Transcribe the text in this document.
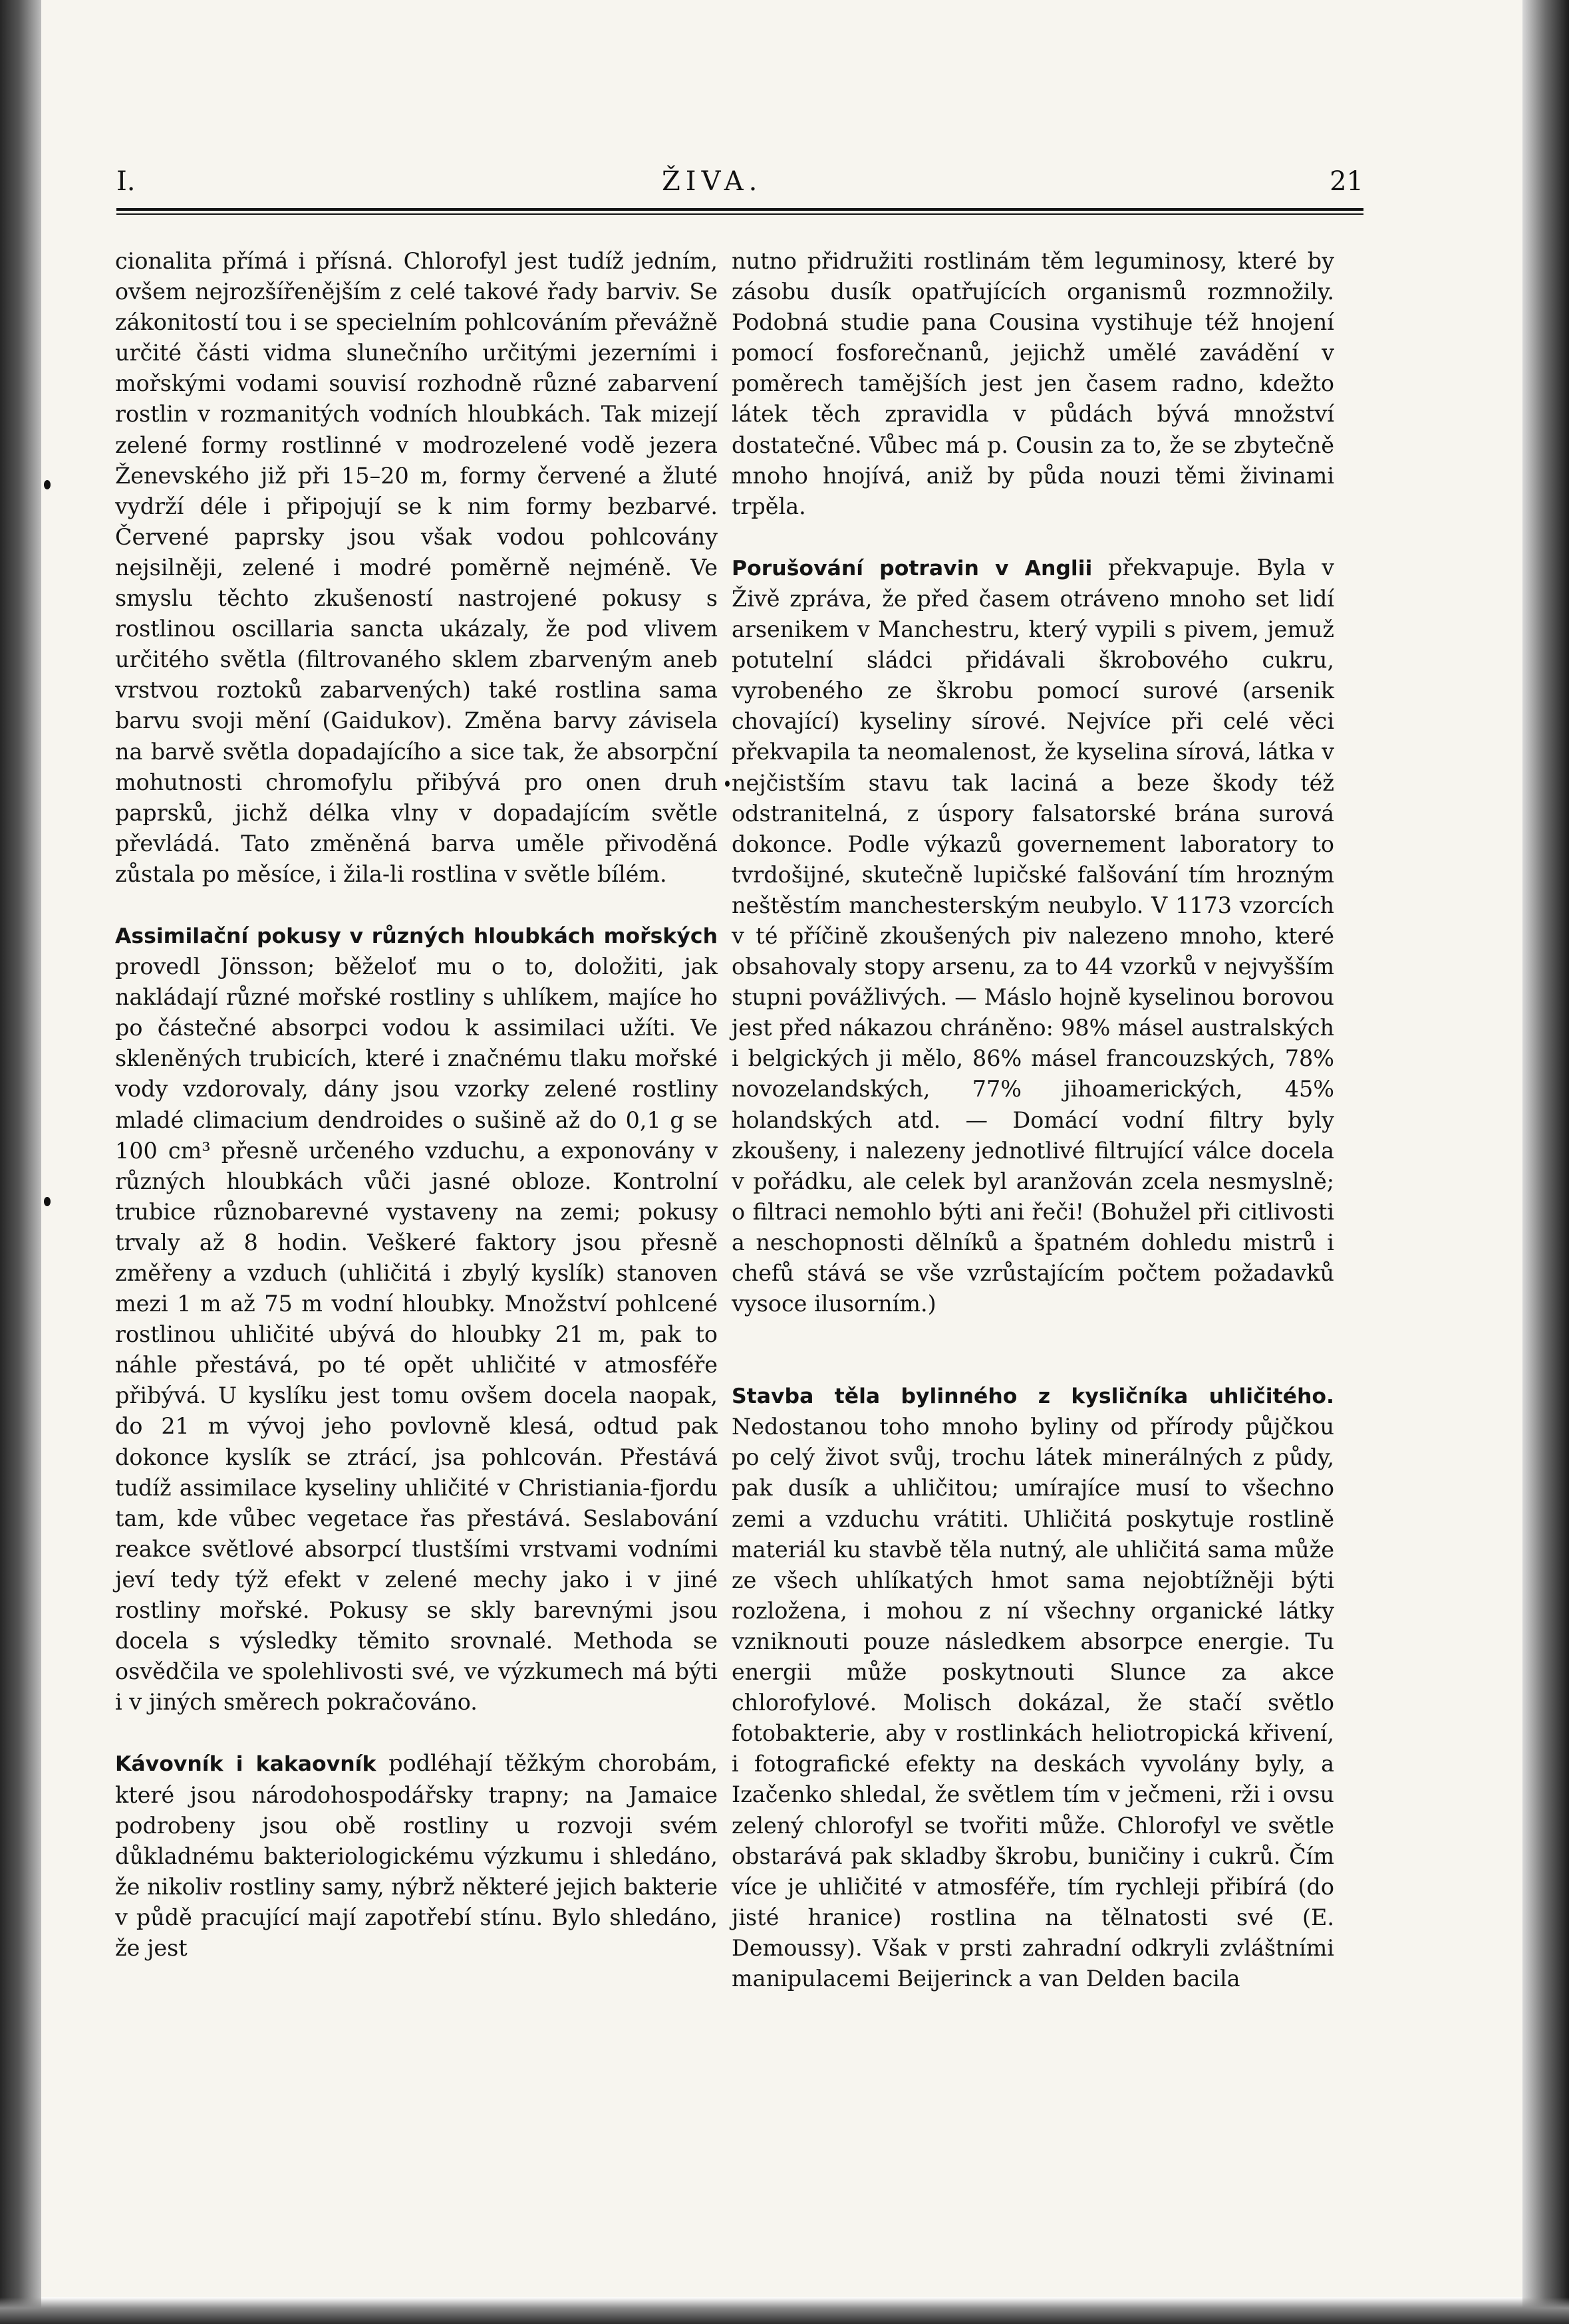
I.	ŽIVA.	21

cionalita přímá i přísná. Chlorofyl jest tudíž jedním, ovšem nejrozšířenějším z celé takové řady barviv. Se zákonitostí tou i se specielním pohlcováním převážně určité části vidma slunečního určitými jezerními i mořskými vodami souvisí rozhodně různé zabarvení rostlin v rozmanitých vodních hloubkách. Tak mizejí zelené formy rostlinné v modrozelené vodě jezera Ženevského již při 15–20 m, formy červené a žluté vydrží déle i připojují se k nim formy bezbarvé. Červené paprsky jsou však vodou pohlcovány nejsilněji, zelené i modré poměrně nejméně. Ve smyslu těchto zkušeností nastrojené pokusy s rostlinou oscillaria sancta ukázaly, že pod vlivem určitého světla (filtrovaného sklem zbarveným aneb vrstvou roztoků zabarvených) také rostlina sama barvu svoji mění (Gaidukov). Změna barvy závisela na barvě světla dopadajícího a sice tak, že absorpční mohutnosti chromofylu přibývá pro onen druh paprsků, jichž délka vlny v dopadajícím světle převládá. Tato změněná barva uměle přivoděná zůstala po měsíce, i žila-li rostlina v světle bílém.

Assimilační pokusy v různých hloubkách mořských provedl Jönsson; běželoť mu o to, doložiti, jak nakládají různé mořské rostliny s uhlíkem, majíce ho po částečné absorpci vodou k assimilaci užíti. Ve skleněných trubicích, které i značnému tlaku mořské vody vzdorovaly, dány jsou vzorky zelené rostliny mladé climacium dendroides o sušině až do 0,1 g se 100 cm³ přesně určeného vzduchu, a exponovány v různých hloubkách vůči jasné obloze. Kontrolní trubice různobarevné vystaveny na zemi; pokusy trvaly až 8 hodin. Veškeré faktory jsou přesně změřeny a vzduch (uhličitá i zbylý kyslík) stanoven mezi 1 m až 75 m vodní hloubky. Množství pohlcené rostlinou uhličité ubývá do hloubky 21 m, pak to náhle přestává, po té opět uhličité v atmosféře přibývá. U kyslíku jest tomu ovšem docela naopak, do 21 m vývoj jeho povlovně klesá, odtud pak dokonce kyslík se ztrácí, jsa pohlcován. Přestává tudíž assimilace kyseliny uhličité v Christiania-fjordu tam, kde vůbec vegetace řas přestává. Seslabování reakce světlové absorpcí tlustšími vrstvami vodními jeví tedy týž efekt v zelené mechy jako i v jiné rostliny mořské. Pokusy se skly barevnými jsou docela s výsledky těmito srovnalé. Methoda se osvědčila ve spolehlivosti své, ve výzkumech má býti i v jiných směrech pokračováno.

Kávovník i kakaovník podléhají těžkým chorobám, které jsou národohospodářsky trapny; na Jamaice podrobeny jsou obě rostliny u rozvoji svém důkladnému bakteriologickému výzkumu i shledáno, že nikoliv rostliny samy, nýbrž některé jejich bakterie v půdě pracující mají zapotřebí stínu. Bylo shledáno, že jest

nutno přidružiti rostlinám těm leguminosy, které by zásobu dusík opatřujících organismů rozmnožily. Podobná studie pana Cousina vystihuje též hnojení pomocí fosforečnanů, jejichž umělé zavádění v poměrech tamějších jest jen časem radno, kdežto látek těch zpravidla v půdách bývá množství dostatečné. Vůbec má p. Cousin za to, že se zbytečně mnoho hnojívá, aniž by půda nouzi těmi živinami trpěla.

Porušování potravin v Anglii překvapuje. Byla v Živě zpráva, že před časem otráveno mnoho set lidí arsenikem v Manchestru, který vypili s pivem, jemuž potutelní sládci přidávali škrobového cukru, vyrobeného ze škrobu pomocí surové (arsenik chovající) kyseliny sírové. Nejvíce při celé věci překvapila ta neomalenost, že kyselina sírová, látka v nejčistším stavu tak laciná a beze škody též odstranitelná, z úspory falsatorské brána surová dokonce. Podle výkazů governement laboratory to tvrdošijné, skutečně lupičské falšování tím hrozným neštěstím manchesterským neubylo. V 1173 vzorcích v té příčině zkoušených piv nalezeno mnoho, které obsahovaly stopy arsenu, za to 44 vzorků v nejvyšším stupni povážlivých. — Máslo hojně kyselinou borovou jest před nákazou chráněno: 98% másel australských i belgických ji mělo, 86% másel francouzských, 78% novozelandských, 77% jihoamerických, 45% holandských atd. — Domácí vodní filtry byly zkoušeny, i nalezeny jednotlivé filtrující válce docela v pořádku, ale celek byl aranžován zcela nesmyslně; o filtraci nemohlo býti ani řeči! (Bohužel při citlivosti a neschopnosti dělníků a špatném dohledu mistrů i chefů stává se vše vzrůstajícím počtem požadavků vysoce ilusorním.)

Stavba těla bylinného z kysličníka uhličitého. Nedostanou toho mnoho byliny od přírody půjčkou po celý život svůj, trochu látek minerálných z půdy, pak dusík a uhličitou; umírajíce musí to všechno zemi a vzduchu vrátiti. Uhličitá poskytuje rostlině materiál ku stavbě těla nutný, ale uhličitá sama může ze všech uhlíkatých hmot sama nejobtížněji býti rozložena, i mohou z ní všechny organické látky vzniknouti pouze následkem absorpce energie. Tu energii může poskytnouti Slunce za akce chlorofylové. Molisch dokázal, že stačí světlo fotobakterie, aby v rostlinkách heliotropická křivení, i fotografické efekty na deskách vyvolány byly, a Izačenko shledal, že světlem tím v ječmeni, rži i ovsu zelený chlorofyl se tvořiti může. Chlorofyl ve světle obstarává pak skladby škrobu, buničiny i cukrů. Čím více je uhličité v atmosféře, tím rychleji přibírá (do jisté hranice) rostlina na tělnatosti své (E. Demoussy). Však v prsti zahradní odkryli zvláštními manipulacemi Beijerinck a van Delden bacila
